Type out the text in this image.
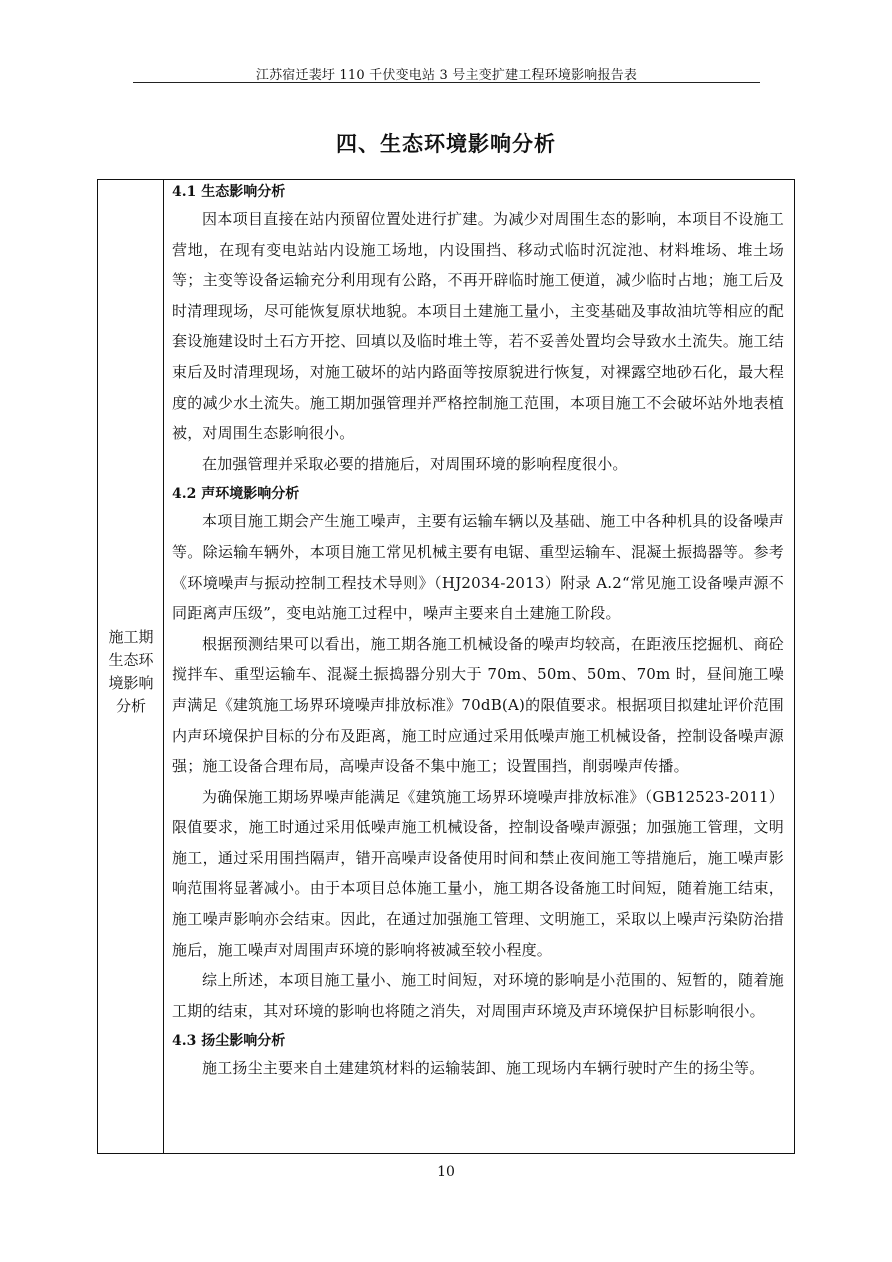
江苏宿迁裴圩 110 千伏变电站 3 号主变扩建工程环境影响报告表
四、生态环境影响分析
施工期生态环境影响分析

4.1 生态影响分析

因本项目直接在站内预留位置处进行扩建。为减少对周围生态的影响，本项目不设施工营地，在现有变电站站内设施工场地，内设围挡、移动式临时沉淀池、材料堆场、堆土场等；主变等设备运输充分利用现有公路，不再开辟临时施工便道，减少临时占地；施工后及时清理现场，尽可能恢复原状地貌。本项目土建施工量小，主变基础及事故油坑等相应的配套设施建设时土石方开挖、回填以及临时堆土等，若不妥善处置均会导致水土流失。施工结束后及时清理现场，对施工破坏的站内路面等按原貌进行恢复，对裸露空地砂石化，最大程度的减少水土流失。施工期加强管理并严格控制施工范围，本项目施工不会破坏站外地表植被，对周围生态影响很小。

在加强管理并采取必要的措施后，对周围环境的影响程度很小。

4.2 声环境影响分析

本项目施工期会产生施工噪声，主要有运输车辆以及基础、施工中各种机具的设备噪声等。除运输车辆外，本项目施工常见机械主要有电锯、重型运输车、混凝土振捣器等。参考《环境噪声与振动控制工程技术导则》（HJ2034-2013）附录 A.2“常见施工设备噪声源不同距离声压级”，变电站施工过程中，噪声主要来自土建施工阶段。

根据预测结果可以看出，施工期各施工机械设备的噪声均较高，在距液压挖掘机、商砼搅拌车、重型运输车、混凝土振捣器分别大于 70m、50m、50m、70m 时，昼间施工噪声满足《建筑施工场界环境噪声排放标准》70dB(A)的限值要求。根据项目拟建址评价范围内声环境保护目标的分布及距离，施工时应通过采用低噪声施工机械设备，控制设备噪声源强；施工设备合理布局，高噪声设备不集中施工；设置围挡，削弱噪声传播。

为确保施工期场界噪声能满足《建筑施工场界环境噪声排放标准》（GB12523-2011）限值要求，施工时通过采用低噪声施工机械设备，控制设备噪声源强；加强施工管理，文明施工，通过采用围挡隔声，错开高噪声设备使用时间和禁止夜间施工等措施后，施工噪声影响范围将显著减小。由于本项目总体施工量小，施工期各设备施工时间短，随着施工结束，施工噪声影响亦会结束。因此，在通过加强施工管理、文明施工，采取以上噪声污染防治措施后，施工噪声对周围声环境的影响将被减至较小程度。

综上所述，本项目施工量小、施工时间短，对环境的影响是小范围的、短暂的，随着施工期的结束，其对环境的影响也将随之消失，对周围声环境及声环境保护目标影响很小。

4.3 扬尘影响分析

施工扬尘主要来自土建建筑材料的运输装卸、施工现场内车辆行驶时产生的扬尘等。

10
